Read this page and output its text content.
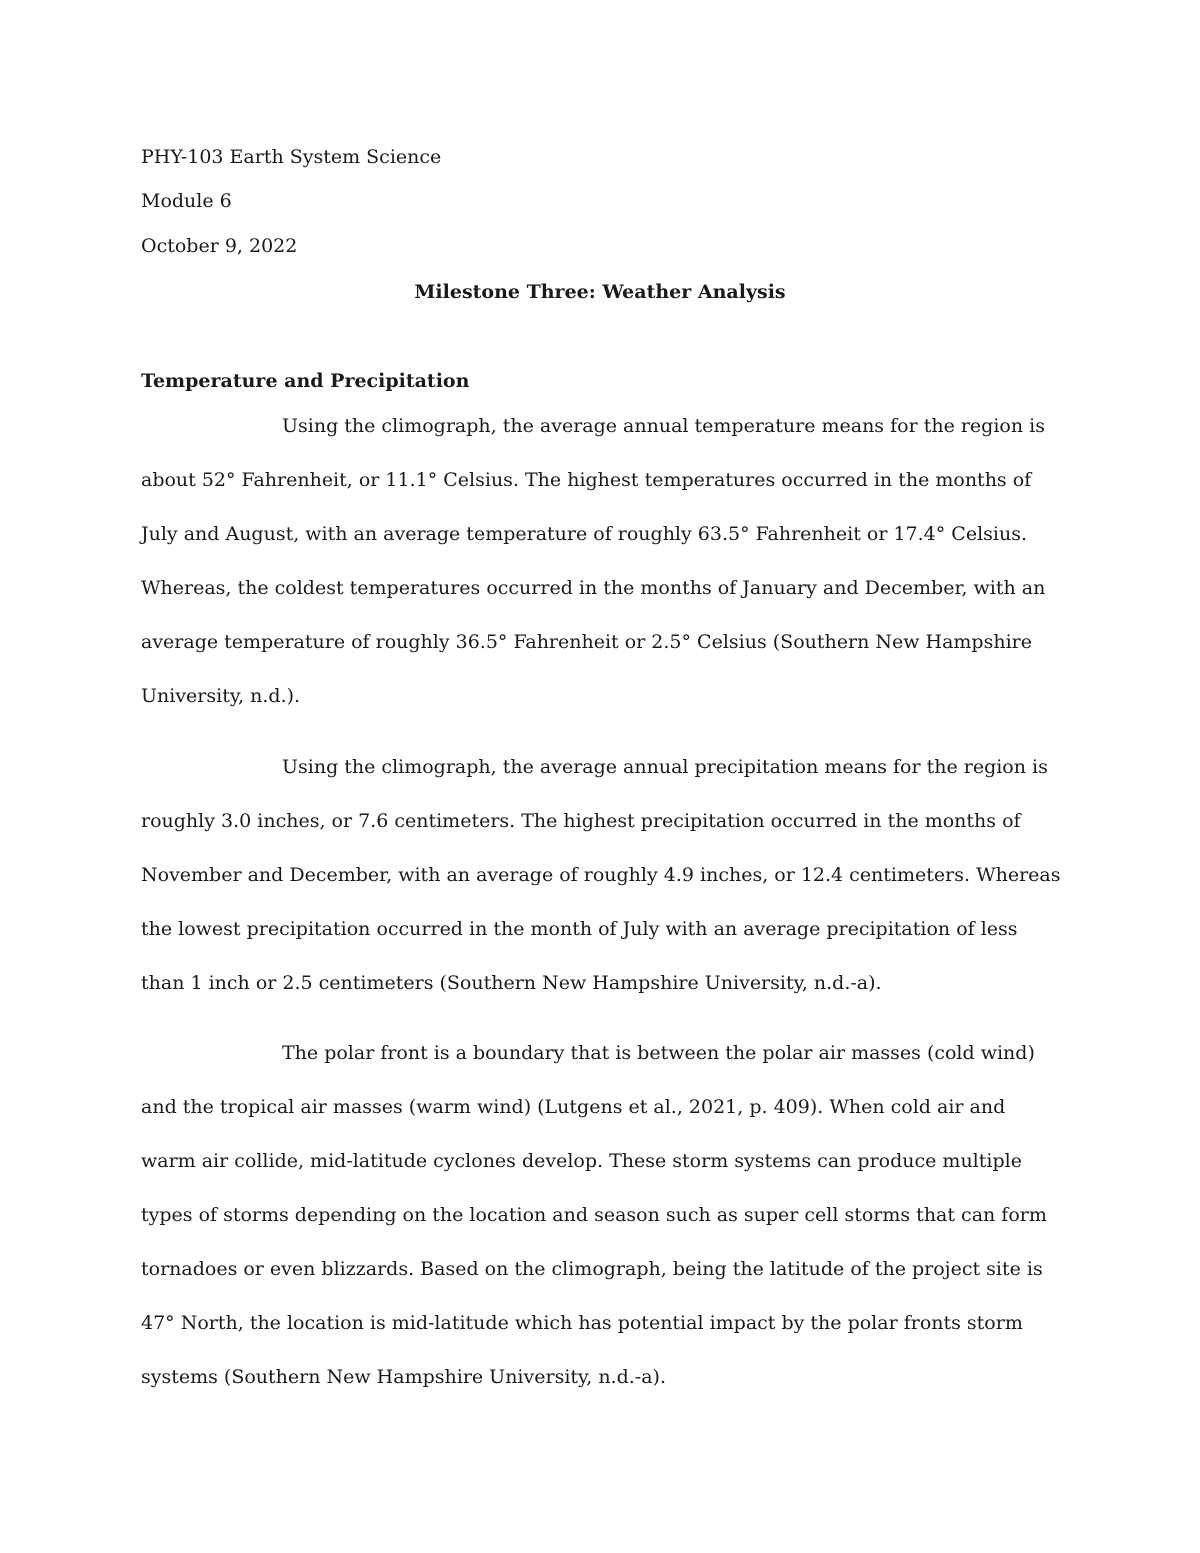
PHY-103 Earth System Science
Module 6
October 9, 2022
Milestone Three: Weather Analysis
Temperature and Precipitation

Using the climograph, the average annual temperature means for the region is about 52° Fahrenheit, or 11.1° Celsius. The highest temperatures occurred in the months of July and August, with an average temperature of roughly 63.5° Fahrenheit or 17.4° Celsius. Whereas, the coldest temperatures occurred in the months of January and December, with an average temperature of roughly 36.5° Fahrenheit or 2.5° Celsius (Southern New Hampshire University, n.d.).

Using the climograph, the average annual precipitation means for the region is roughly 3.0 inches, or 7.6 centimeters. The highest precipitation occurred in the months of November and December, with an average of roughly 4.9 inches, or 12.4 centimeters. Whereas the lowest precipitation occurred in the month of July with an average precipitation of less than 1 inch or 2.5 centimeters (Southern New Hampshire University, n.d.-a).

The polar front is a boundary that is between the polar air masses (cold wind) and the tropical air masses (warm wind) (Lutgens et al., 2021, p. 409). When cold air and warm air collide, mid-latitude cyclones develop. These storm systems can produce multiple types of storms depending on the location and season such as super cell storms that can form tornadoes or even blizzards. Based on the climograph, being the latitude of the project site is 47° North, the location is mid-latitude which has potential impact by the polar fronts storm systems (Southern New Hampshire University, n.d.-a).
